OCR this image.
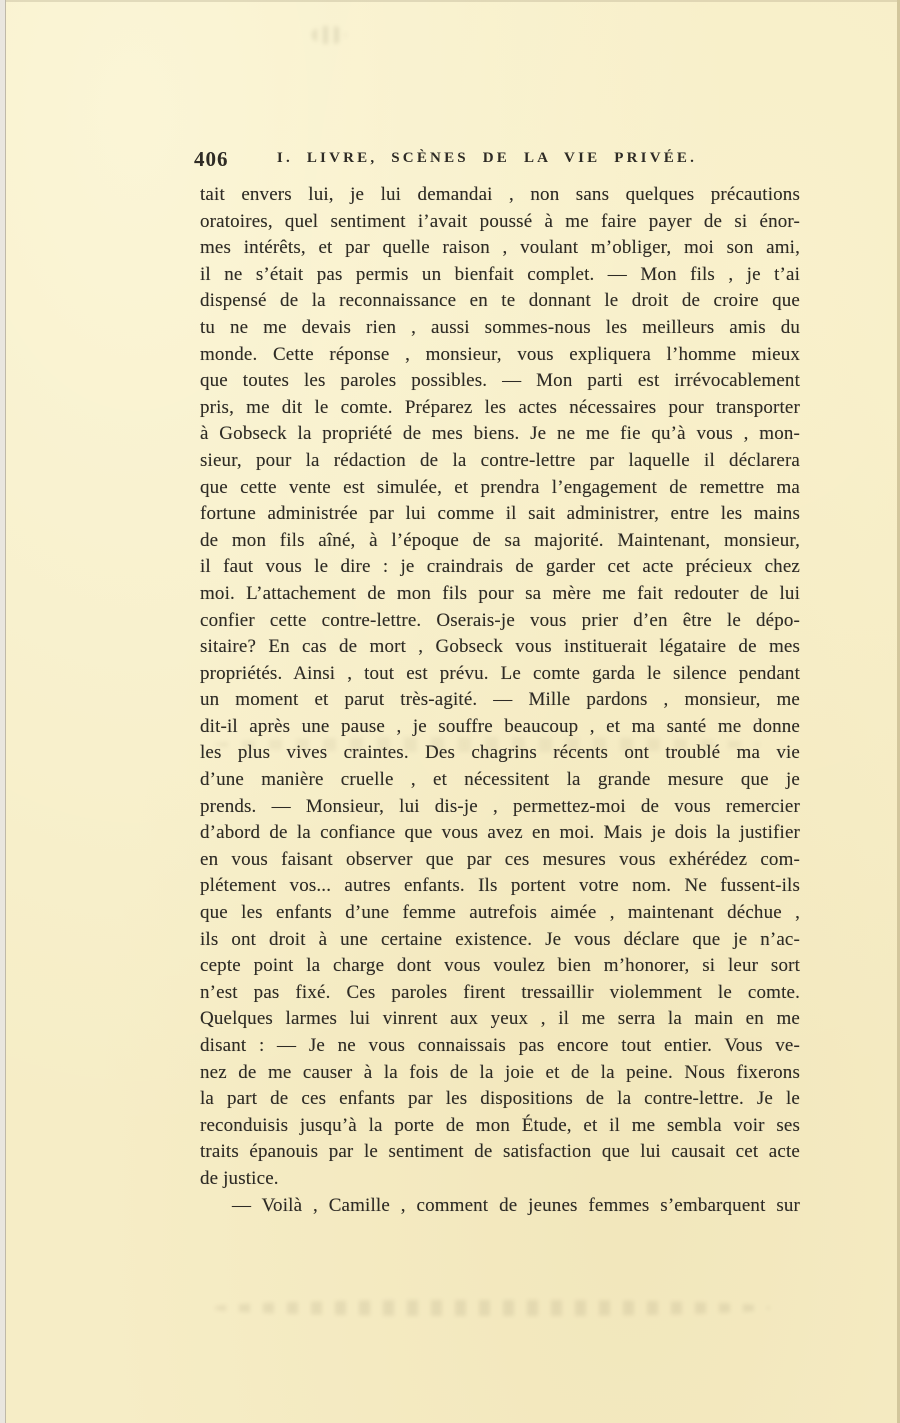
406	I. LIVRE, SCÈNES DE LA VIE PRIVÉE.
tait envers lui, je lui demandai , non sans quelques précautions
oratoires, quel sentiment i’avait poussé à me faire payer de si énor-
mes intérêts, et par quelle raison , voulant m’obliger, moi son ami,
il ne s’était pas permis un bienfait complet. — Mon fils , je t’ai
dispensé de la reconnaissance en te donnant le droit de croire que
tu ne me devais rien , aussi sommes-nous les meilleurs amis du
monde. Cette réponse , monsieur, vous expliquera l’homme mieux
que toutes les paroles possibles. — Mon parti est irrévocablement
pris, me dit le comte. Préparez les actes nécessaires pour transporter
à Gobseck la propriété de mes biens. Je ne me fie qu’à vous , mon-
sieur, pour la rédaction de la contre-lettre par laquelle il déclarera
que cette vente est simulée, et prendra l’engagement de remettre ma
fortune administrée par lui comme il sait administrer, entre les mains
de mon fils aîné, à l’époque de sa majorité. Maintenant, monsieur,
il faut vous le dire : je craindrais de garder cet acte précieux chez
moi. L’attachement de mon fils pour sa mère me fait redouter de lui
confier cette contre-lettre. Oserais-je vous prier d’en être le dépo-
sitaire? En cas de mort , Gobseck vous instituerait légataire de mes
propriétés. Ainsi , tout est prévu. Le comte garda le silence pendant
un moment et parut très-agité. — Mille pardons , monsieur, me
dit-il après une pause , je souffre beaucoup , et ma santé me donne
les plus vives craintes. Des chagrins récents ont troublé ma vie
d’une manière cruelle , et nécessitent la grande mesure que je
prends. — Monsieur, lui dis-je , permettez-moi de vous remercier
d’abord de la confiance que vous avez en moi. Mais je dois la justifier
en vous faisant observer que par ces mesures vous exhérédez com-
plétement vos... autres enfants. Ils portent votre nom. Ne fussent-ils
que les enfants d’une femme autrefois aimée , maintenant déchue ,
ils ont droit à une certaine existence. Je vous déclare que je n’ac-
cepte point la charge dont vous voulez bien m’honorer, si leur sort
n’est pas fixé. Ces paroles firent tressaillir violemment le comte.
Quelques larmes lui vinrent aux yeux , il me serra la main en me
disant : — Je ne vous connaissais pas encore tout entier. Vous ve-
nez de me causer à la fois de la joie et de la peine. Nous fixerons
la part de ces enfants par les dispositions de la contre-lettre. Je le
reconduisis jusqu’à la porte de mon Étude, et il me sembla voir ses
traits épanouis par le sentiment de satisfaction que lui causait cet acte
de justice.
— Voilà , Camille , comment de jeunes femmes s’embarquent sur
